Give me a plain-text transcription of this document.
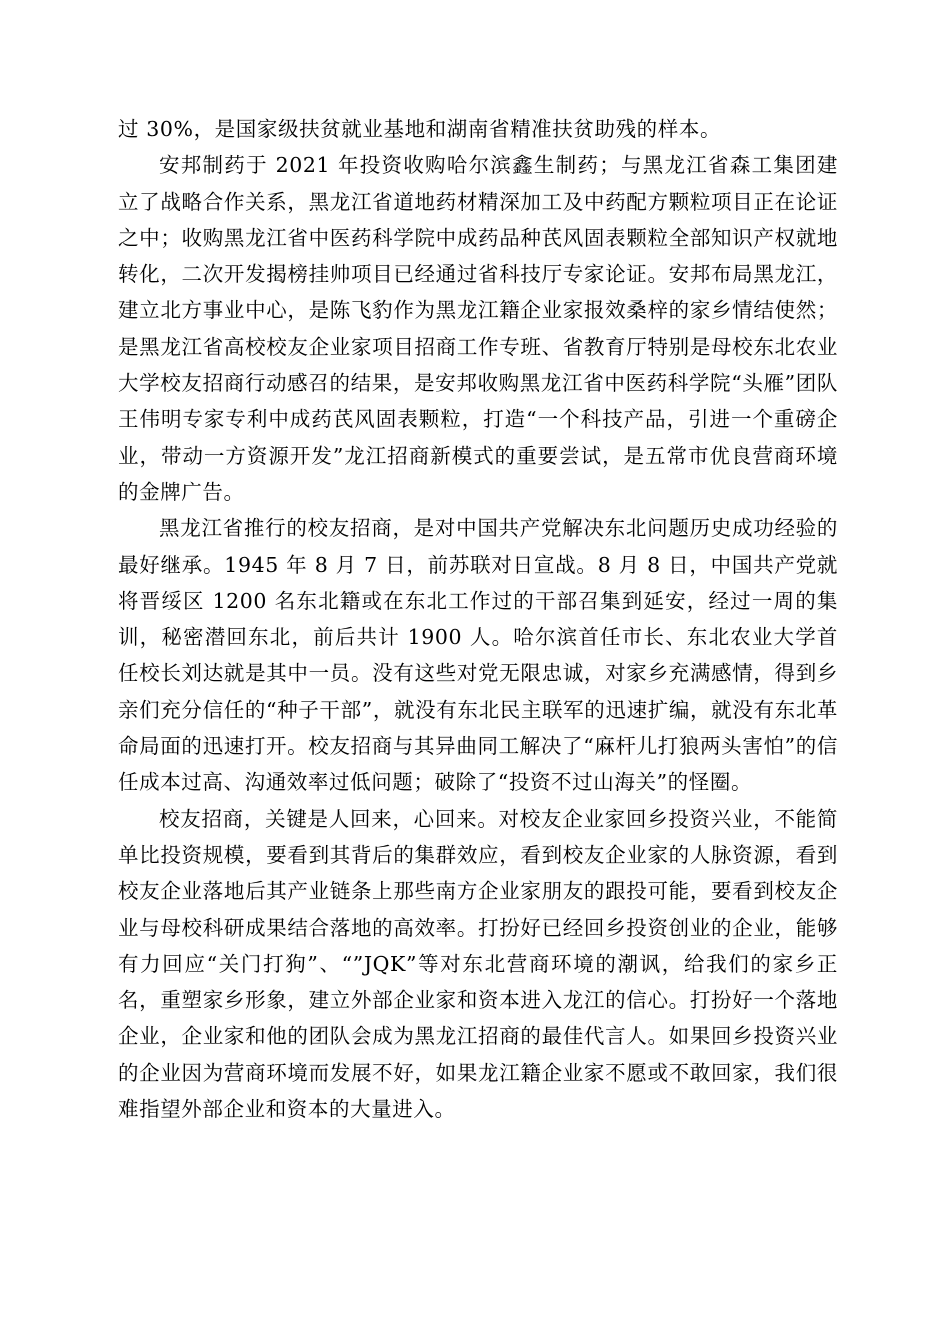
过 30%，是国家级扶贫就业基地和湖南省精准扶贫助残的样本。

安邦制药于 2021 年投资收购哈尔滨鑫生制药；与黑龙江省森工集团建立了战略合作关系，黑龙江省道地药材精深加工及中药配方颗粒项目正在论证之中；收购黑龙江省中医药科学院中成药品种芪风固表颗粒全部知识产权就地转化，二次开发揭榜挂帅项目已经通过省科技厅专家论证。安邦布局黑龙江，建立北方事业中心，是陈飞豹作为黑龙江籍企业家报效桑梓的家乡情结使然；是黑龙江省高校校友企业家项目招商工作专班、省教育厅特别是母校东北农业大学校友招商行动感召的结果，是安邦收购黑龙江省中医药科学院“头雁”团队王伟明专家专利中成药芪风固表颗粒，打造“一个科技产品，引进一个重磅企业，带动一方资源开发”龙江招商新模式的重要尝试，是五常市优良营商环境的金牌广告。

黑龙江省推行的校友招商，是对中国共产党解决东北问题历史成功经验的最好继承。1945 年 8 月 7 日，前苏联对日宣战。8 月 8 日，中国共产党就将晋绥区 1200 名东北籍或在东北工作过的干部召集到延安，经过一周的集训，秘密潜回东北，前后共计 1900 人。哈尔滨首任市长、东北农业大学首任校长刘达就是其中一员。没有这些对党无限忠诚，对家乡充满感情，得到乡亲们充分信任的“种子干部”，就没有东北民主联军的迅速扩编，就没有东北革命局面的迅速打开。校友招商与其异曲同工解决了“麻杆儿打狼两头害怕”的信任成本过高、沟通效率过低问题；破除了“投资不过山海关”的怪圈。

校友招商，关键是人回来，心回来。对校友企业家回乡投资兴业，不能简单比投资规模，要看到其背后的集群效应，看到校友企业家的人脉资源，看到校友企业落地后其产业链条上那些南方企业家朋友的跟投可能，要看到校友企业与母校科研成果结合落地的高效率。打扮好已经回乡投资创业的企业，能够有力回应“关门打狗”、“”JQK”等对东北营商环境的潮讽，给我们的家乡正名，重塑家乡形象，建立外部企业家和资本进入龙江的信心。打扮好一个落地企业，企业家和他的团队会成为黑龙江招商的最佳代言人。如果回乡投资兴业的企业因为营商环境而发展不好，如果龙江籍企业家不愿或不敢回家，我们很难指望外部企业和资本的大量进入。
